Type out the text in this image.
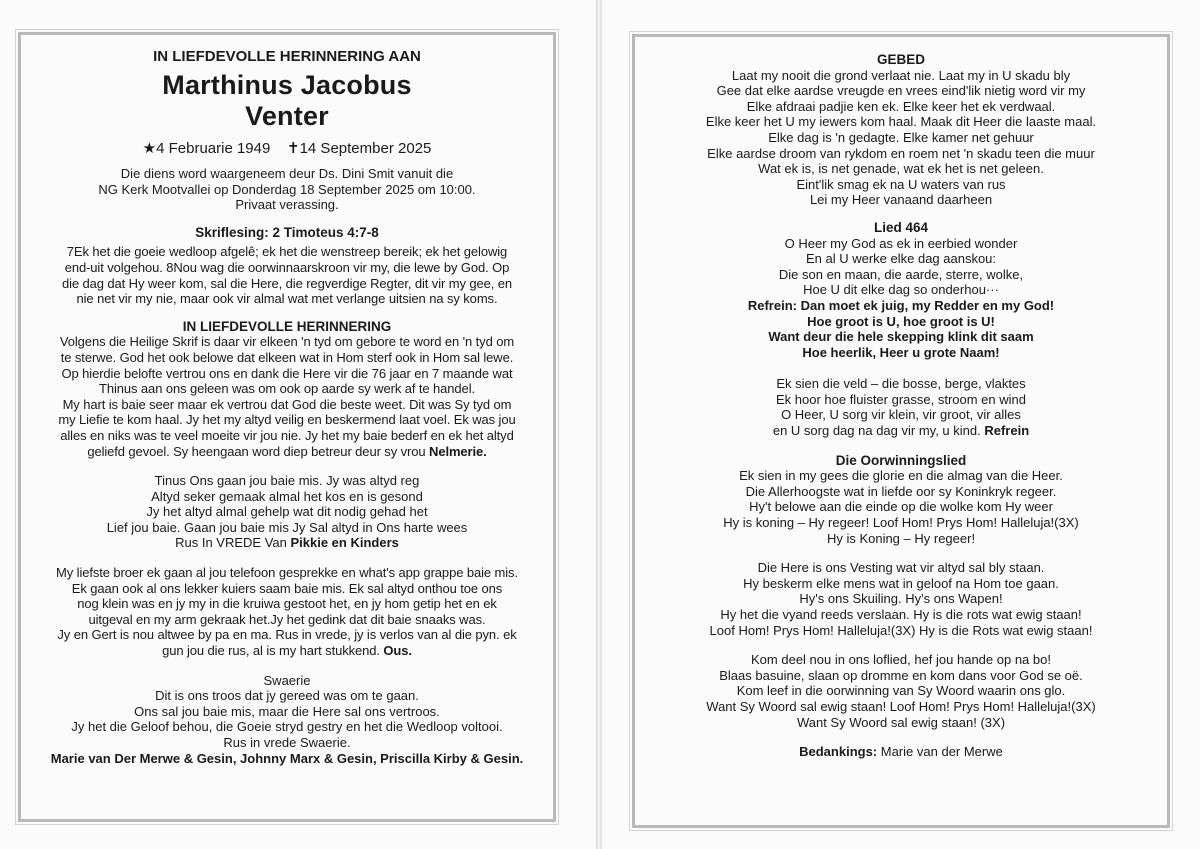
IN LIEFDEVOLLE HERINNERING AAN
Marthinus Jacobus
Venter
★4 Februarie 1949 ✝14 September 2025
Die diens word waargeneem deur Ds. Dini Smit vanuit die
NG Kerk Mootvallei op Donderdag 18 September 2025 om 10:00.
Privaat verassing.
Skriflesing: 2 Timoteus 4:7-8
7Ek het die goeie wedloop afgelê; ek het die wenstreep bereik; ek het gelowig
end-uit volgehou. 8Nou wag die oorwinnaarskroon vir my, die lewe by God. Op
die dag dat Hy weer kom, sal die Here, die regverdige Regter, dit vir my gee, en
nie net vir my nie, maar ook vir almal wat met verlange uitsien na sy koms.
IN LIEFDEVOLLE HERINNERING
Volgens die Heilige Skrif is daar vir elkeen 'n tyd om gebore te word en 'n tyd om
te sterwe. God het ook belowe dat elkeen wat in Hom sterf ook in Hom sal lewe.
Op hierdie belofte vertrou ons en dank die Here vir die 76 jaar en 7 maande wat
Thinus aan ons geleen was om ook op aarde sy werk af te handel.
My hart is baie seer maar ek vertrou dat God die beste weet. Dit was Sy tyd om
my Liefie te kom haal. Jy het my altyd veilig en beskermend laat voel. Ek was jou
alles en niks was te veel moeite vir jou nie. Jy het my baie bederf en ek het altyd
geliefd gevoel. Sy heengaan word diep betreur deur sy vrou Nelmerie.
Tinus Ons gaan jou baie mis. Jy was altyd reg
Altyd seker gemaak almal het kos en is gesond
Jy het altyd almal gehelp wat dit nodig gehad het
Lief jou baie. Gaan jou baie mis Jy Sal altyd in Ons harte wees
Rus In VREDE Van Pikkie en Kinders
My liefste broer ek gaan al jou telefoon gesprekke en what's app grappe baie mis.
Ek gaan ook al ons lekker kuiers saam baie mis. Ek sal altyd onthou toe ons
nog klein was en jy my in die kruiwa gestoot het, en jy hom getip het en ek
uitgeval en my arm gekraak het.Jy het gedink dat dit baie snaaks was.
Jy en Gert is nou altwee by pa en ma. Rus in vrede, jy is verlos van al die pyn. ek
gun jou die rus, al is my hart stukkend. Ous.
Swaerie
Dit is ons troos dat jy gereed was om te gaan.
Ons sal jou baie mis, maar die Here sal ons vertroos.
Jy het die Geloof behou, die Goeie stryd gestry en het die Wedloop voltooi.
Rus in vrede Swaerie.
Marie van Der Merwe & Gesin, Johnny Marx & Gesin, Priscilla Kirby & Gesin.
GEBED
Laat my nooit die grond verlaat nie. Laat my in U skadu bly
Gee dat elke aardse vreugde en vrees eind'lik nietig word vir my
Elke afdraai padjie ken ek. Elke keer het ek verdwaal.
Elke keer het U my iewers kom haal. Maak dit Heer die laaste maal.
Elke dag is 'n gedagte. Elke kamer net gehuur
Elke aardse droom van rykdom en roem net 'n skadu teen die muur
Wat ek is, is net genade, wat ek het is net geleen.
Eint'lik smag ek na U waters van rus
Lei my Heer vanaand daarheen
Lied 464
O Heer my God as ek in eerbied wonder
En al U werke elke dag aanskou:
Die son en maan, die aarde, sterre, wolke,
Hoe U dit elke dag so onderhou···
Refrein: Dan moet ek juig, my Redder en my God!
Hoe groot is U, hoe groot is U!
Want deur die hele skepping klink dit saam
Hoe heerlik, Heer u grote Naam!
Ek sien die veld – die bosse, berge, vlaktes
Ek hoor hoe fluister grasse, stroom en wind
O Heer, U sorg vir klein, vir groot, vir alles
en U sorg dag na dag vir my, u kind. Refrein
Die Oorwinningslied
Ek sien in my gees die glorie en die almag van die Heer.
Die Allerhoogste wat in liefde oor sy Koninkryk regeer.
Hy't belowe aan die einde op die wolke kom Hy weer
Hy is koning – Hy regeer! Loof Hom! Prys Hom! Halleluja!(3X)
Hy is Koning – Hy regeer!
Die Here is ons Vesting wat vir altyd sal bly staan.
Hy beskerm elke mens wat in geloof na Hom toe gaan.
Hy's ons Skuiling. Hy's ons Wapen!
Hy het die vyand reeds verslaan. Hy is die rots wat ewig staan!
Loof Hom! Prys Hom! Halleluja!(3X) Hy is die Rots wat ewig staan!
Kom deel nou in ons loflied, hef jou hande op na bo!
Blaas basuine, slaan op dromme en kom dans voor God se oë.
Kom leef in die oorwinning van Sy Woord waarin ons glo.
Want Sy Woord sal ewig staan! Loof Hom! Prys Hom! Halleluja!(3X)
Want Sy Woord sal ewig staan! (3X)
Bedankings: Marie van der Merwe
